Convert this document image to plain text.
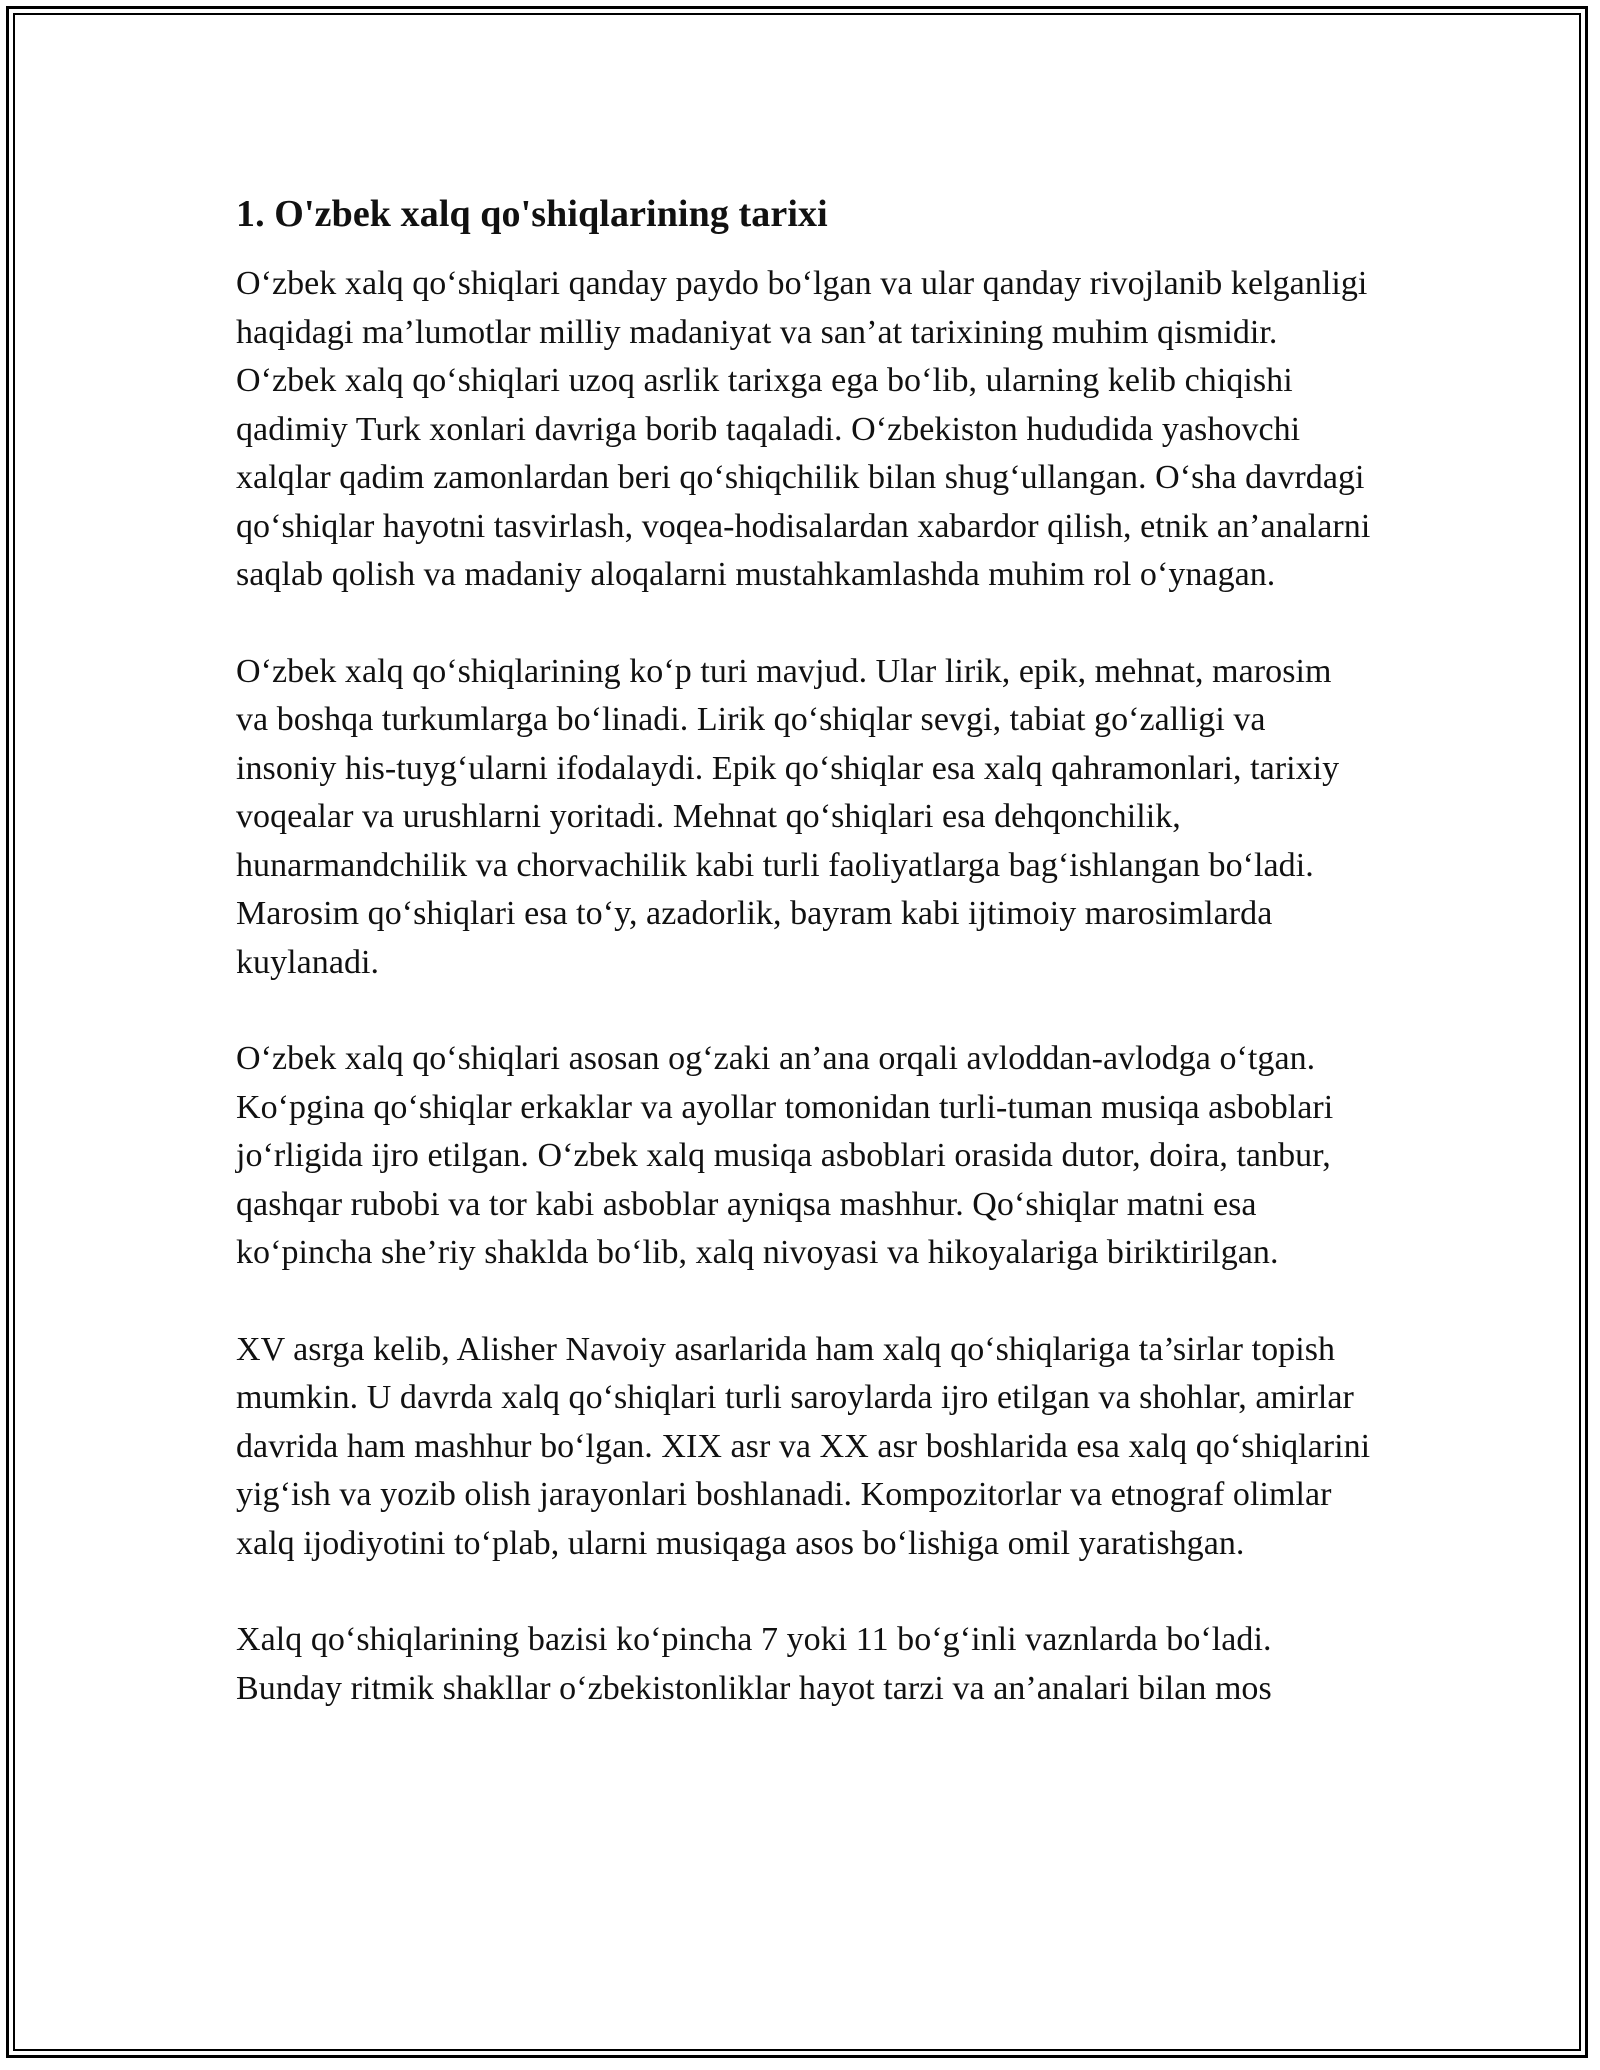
1. O'zbek xalq qo'shiqlarining tarixi

O‘zbek xalq qo‘shiqlari qanday paydo bo‘lgan va ular qanday rivojlanib kelganligi haqidagi ma’lumotlar milliy madaniyat va san’at tarixining muhim qismidir. O‘zbek xalq qo‘shiqlari uzoq asrlik tarixga ega bo‘lib, ularning kelib chiqishi qadimiy Turk xonlari davriga borib taqaladi. O‘zbekiston hududida yashovchi xalqlar qadim zamonlardan beri qo‘shiqchilik bilan shug‘ullangan. O‘sha davrdagi qo‘shiqlar hayotni tasvirlash, voqea-hodisalardan xabardor qilish, etnik an’analarni saqlab qolish va madaniy aloqalarni mustahkamlashda muhim rol o‘ynagan.

O‘zbek xalq qo‘shiqlarining ko‘p turi mavjud. Ular lirik, epik, mehnat, marosim va boshqa turkumlarga bo‘linadi. Lirik qo‘shiqlar sevgi, tabiat go‘zalligi va insoniy his-tuyg‘ularni ifodalaydi. Epik qo‘shiqlar esa xalq qahramonlari, tarixiy voqealar va urushlarni yoritadi. Mehnat qo‘shiqlari esa dehqonchilik, hunarmandchilik va chorvachilik kabi turli faoliyatlarga bag‘ishlangan bo‘ladi. Marosim qo‘shiqlari esa to‘y, azadorlik, bayram kabi ijtimoiy marosimlarda kuylanadi.

O‘zbek xalq qo‘shiqlari asosan og‘zaki an’ana orqali avloddan-avlodga o‘tgan. Ko‘pgina qo‘shiqlar erkaklar va ayollar tomonidan turli-tuman musiqa asboblari jo‘rligida ijro etilgan. O‘zbek xalq musiqa asboblari orasida dutor, doira, tanbur, qashqar rubobi va tor kabi asboblar ayniqsa mashhur. Qo‘shiqlar matni esa ko‘pincha she’riy shaklda bo‘lib, xalq nivoyasi va hikoyalariga biriktirilgan.

XV asrga kelib, Alisher Navoiy asarlarida ham xalq qo‘shiqlariga ta’sirlar topish mumkin. U davrda xalq qo‘shiqlari turli saroylarda ijro etilgan va shohlar, amirlar davrida ham mashhur bo‘lgan. XIX asr va XX asr boshlarida esa xalq qo‘shiqlarini yig‘ish va yozib olish jarayonlari boshlanadi. Kompozitorlar va etnograf olimlar xalq ijodiyotini to‘plab, ularni musiqaga asos bo‘lishiga omil yaratishgan.

Xalq qo‘shiqlarining bazisi ko‘pincha 7 yoki 11 bo‘g‘inli vaznlarda bo‘ladi. Bunday ritmik shakllar o‘zbekistonliklar hayot tarzi va an’analari bilan mos
